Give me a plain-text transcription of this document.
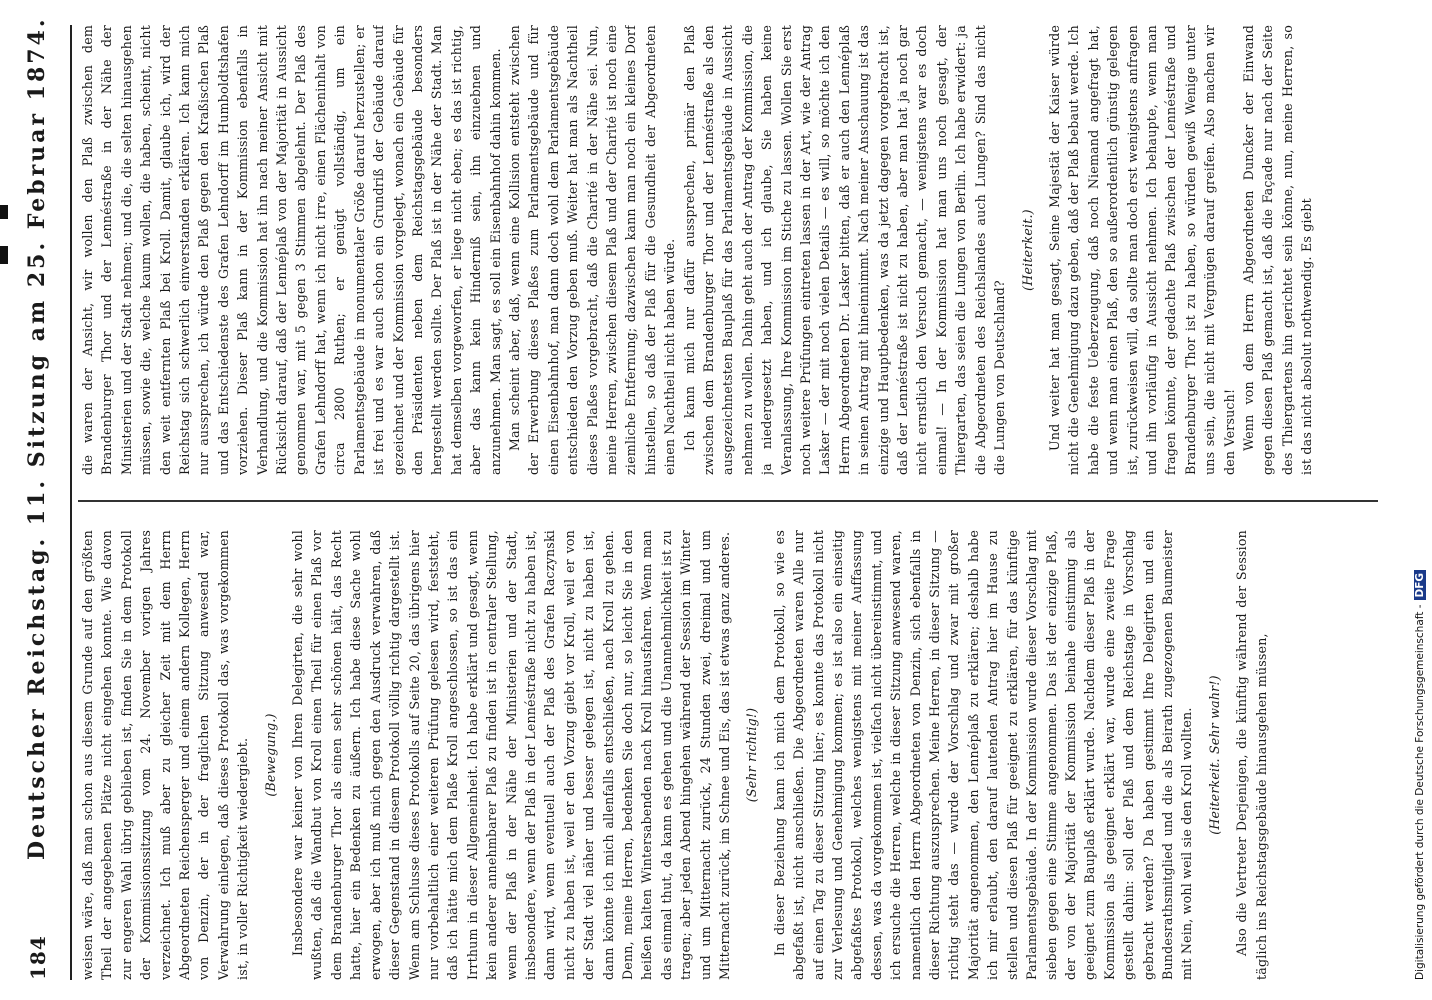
184
Deutscher Reichstag. 11. Sitzung am 25. Februar 1874. weisen wäre, daß man schon aus diesem Grunde auf den größten Theil der angegebenen Plätze nicht eingehen konnte. Wie davon zur engeren Wahl übrig geblieben ist, finden Sie in dem Protokoll der Kommissionssitzung vom 24. November vorigen Jahres verzeichnet. Ich muß aber zu gleicher Zeit mit dem Herrn Abgeordneten Reichensperger und einem andern Kollegen, Herrn von Denzin, der in der fraglichen Sitzung anwesend war, Verwahrung einlegen, daß dieses Protokoll das, was vorgekommen ist, in voller Richtigkeit wiedergiebt. (Bewegung.) Insbesondere war keiner von Ihren Delegirten, die sehr wohl wußten, daß die Wandbut von Kroll einen Theil für einen Plaß vor dem Brandenburger Thor als einen sehr schönen hält, das Recht hatte, hier ein Bedenken zu äußern. Ich habe diese Sache wohl erwogen, aber ich muß mich gegen den Ausdruck verwahren, daß dieser Gegenstand in diesem Protokoll völlig richtig dargestellt ist. Wenn am Schlusse dieses Protokolls auf Seite 20, das übrigens hier nur vorbehaltlich einer weiteren Prüfung gelesen wird, feststeht, daß ich hätte mich dem Plaße Kroll angeschlossen, so ist das ein Irrthum in dieser Allgemeinheit. Ich habe erklärt und gesagt, wenn kein anderer annehmbarer Plaß zu finden ist in centraler Stellung, wenn der Plaß in der Nähe der Ministerien und der Stadt, insbesondere, wenn der Plaß in der Lennéstraße nicht zu haben ist, dann wird, wenn eventuell auch der Plaß des Grafen Raczynski nicht zu haben ist, weil er den Vorzug giebt vor Kroll, weil er von der Stadt viel näher und besser gelegen ist, nicht zu haben ist, dann könnte ich mich allenfalls entschließen, nach Kroll zu gehen. Denn, meine Herren, bedenken Sie doch nur, so leicht Sie in den heißen kalten Wintersabenden nach Kroll hinausfahren. Wenn man das einmal thut, da kann es gehen und die Unannehmlichkeit ist zu tragen; aber jeden Abend hingehen während der Session im Winter und um Mitternacht zurück, 24 Stunden zwei, dreimal und um Mitternacht zurück, im Schnee und Eis, das ist etwas ganz anderes. (Sehr richtig!) In dieser Beziehung kann ich mich dem Protokoll, so wie es abgefaßt ist, nicht anschließen. Die Abgeordneten waren Alle nur auf einen Tag zu dieser Sitzung hier; es konnte das Protokoll nicht zur Verlesung und Genehmigung kommen; es ist also ein einseitig abgefaßtes Protokoll, welches wenigstens mit meiner Auffassung dessen, was da vorgekommen ist, vielfach nicht übereinstimmt, und ich ersuche die Herren, welche in dieser Sitzung anwesend waren, namentlich den Herrn Abgeordneten von Denzin, sich ebenfalls in dieser Richtung auszusprechen. Meine Herren, in dieser Sitzung — richtig steht das — wurde der Vorschlag und zwar mit großer Majorität angenommen, den Lennéplaß zu erklären; deshalb habe ich mir erlaubt, den darauf lautenden Antrag hier im Hause zu stellen und diesen Plaß für geeignet zu erklären, für das künftige Parlamentsgebäude. In der Kommission wurde dieser Vorschlag mit sieben gegen eine Stimme angenommen. Das ist der einzige Plaß, der von der Majorität der Kommission beinahe einstimmig als geeignet zum Bauplaß erklärt wurde. Nachdem dieser Plaß in der Kommission als geeignet erklärt war, wurde eine zweite Frage gestellt dahin: soll der Plaß und dem Reichstage in Vorschlag gebracht werden? Da haben gestimmt Ihre Delegirten und ein Bundesrathsmitglied und die als Beirath zugezogenen Baumeister mit Nein, wohl weil sie den Kroll wollten. (Heiterkeit. Sehr wahr!) Also die Vertreter Derjenigen, die künftig während der Session täglich ins Reichstagsgebäude hinausgehen müssen,

die waren der Ansicht, wir wollen den Plaß zwischen dem Brandenburger Thor und der Lennéstraße in der Nähe der Ministerien und der Stadt nehmen; und die, die selten hinausgehen müssen, sowie die, welche kaum wollen, die haben, scheint, nicht den weit entfernten Plaß bei Kroll. Damit, glaube ich, wird der Reichstag sich schwerlich einverstanden erklären. Ich kann mich nur aussprechen, ich würde den Plaß gegen den Kraßischen Plaß und das Entschiedenste des Grafen Lehndorff im Humboldtshafen vorziehen. Dieser Plaß kann in der Kommission ebenfalls in Verhandlung, und die Kommission hat ihn nach meiner Ansicht mit Rücksicht darauf, daß der Lennéplaß von der Majorität in Aussicht genommen war, mit 5 gegen 3 Stimmen abgelehnt. Der Plaß des Grafen Lehndorff hat, wenn ich nicht irre, einen Flächeninhalt von circa 2800 Ruthen; er genügt vollständig, um ein Parlamentsgebäude in monumentaler Größe darauf herzustellen; er ist frei und es war auch schon ein Grundriß der Gebäude darauf gezeichnet und der Kommission vorgelegt, wonach ein Gebäude für den Präsidenten neben dem Reichstagsgebäude besonders hergestellt werden sollte. Der Plaß ist in der Nähe der Stadt. Man hat demselben vorgeworfen, er liege nicht eben; es das ist richtig, aber das kann kein Hinderniß sein, ihn einzuebnen und anzunehmen. Man sagt, es soll ein Eisenbahnhof dahin kommen. Man scheint aber, daß, wenn eine Kollision entsteht zwischen der Erwerbung dieses Plaßes zum Parlamentsgebäude und für einen Eisenbahnhof, man dann doch wohl dem Parlamentsgebäude entschieden den Vorzug geben muß. Weiter hat man als Nachtheil dieses Plaßes vorgebracht, daß die Charité in der Nähe sei. Nun, meine Herren, zwischen diesem Plaß und der Charité ist noch eine ziemliche Entfernung; dazwischen kann man noch ein kleines Dorf hinstellen, so daß der Plaß für die Gesundheit der Abgeordneten einen Nachtheil nicht haben würde. Ich kann mich nur dafür aussprechen, primär den Plaß zwischen dem Brandenburger Thor und der Lennéstraße als den ausgezeichnetsten Bauplaß für das Parlamentsgebäude in Aussicht nehmen zu wollen. Dahin geht auch der Antrag der Kommission, die ja niedergesetzt haben, und ich glaube, Sie haben keine Veranlassung, Ihre Kommission im Stiche zu lassen. Wollen Sie erst noch weitere Prüfungen eintreten lassen in der Art, wie der Antrag Lasker — der mit noch vielen Details — es will, so möchte ich den Herrn Abgeordneten Dr. Lasker bitten, daß er auch den Lennéplaß in seinen Antrag mit hineinnimmt. Nach meiner Anschauung ist das einzige und Hauptbedenken, was da jetzt dagegen vorgebracht ist, daß der Lennéstraße ist nicht zu haben, aber man hat ja noch gar nicht ernstlich den Versuch gemacht, — wenigstens war es doch einmal! — In der Kommission hat man uns noch gesagt, der Thiergarten, das seien die Lungen von Berlin. Ich habe erwidert: ja die Abgeordneten des Reichslandes auch Lungen? Sind das nicht die Lungen von Deutschland?

(Heiterkeit.) Und weiter hat man gesagt, Seine Majestät der Kaiser würde nicht die Genehmigung dazu geben, daß der Plaß bebaut werde. Ich habe die feste Ueberzeugung, daß noch Niemand angefragt hat, und wenn man einen Plaß, den so außerordentlich günstig gelegen ist, zurückweisen will, da sollte man doch erst wenigstens anfragen und ihn vorläufig in Aussicht nehmen. Ich behaupte, wenn man fragen könnte, der gedachte Plaß zwischen der Lennéstraße und Brandenburger Thor ist zu haben, so würden gewiß Wenige unter uns sein, die nicht mit Vergnügen darauf greifen. Also machen wir den Versuch! Wenn von dem Herrn Abgeordneten Duncker der Einwand gegen diesen Plaß gemacht ist, daß die Façade nur nach der Seite des Thiergartens hin gerichtet sein könne, nun, meine Herren, so ist das nicht absolut nothwendig. Es giebt

Digitalisierung gefördert durch die Deutsche Forschungsgemeinschaft -DFG
